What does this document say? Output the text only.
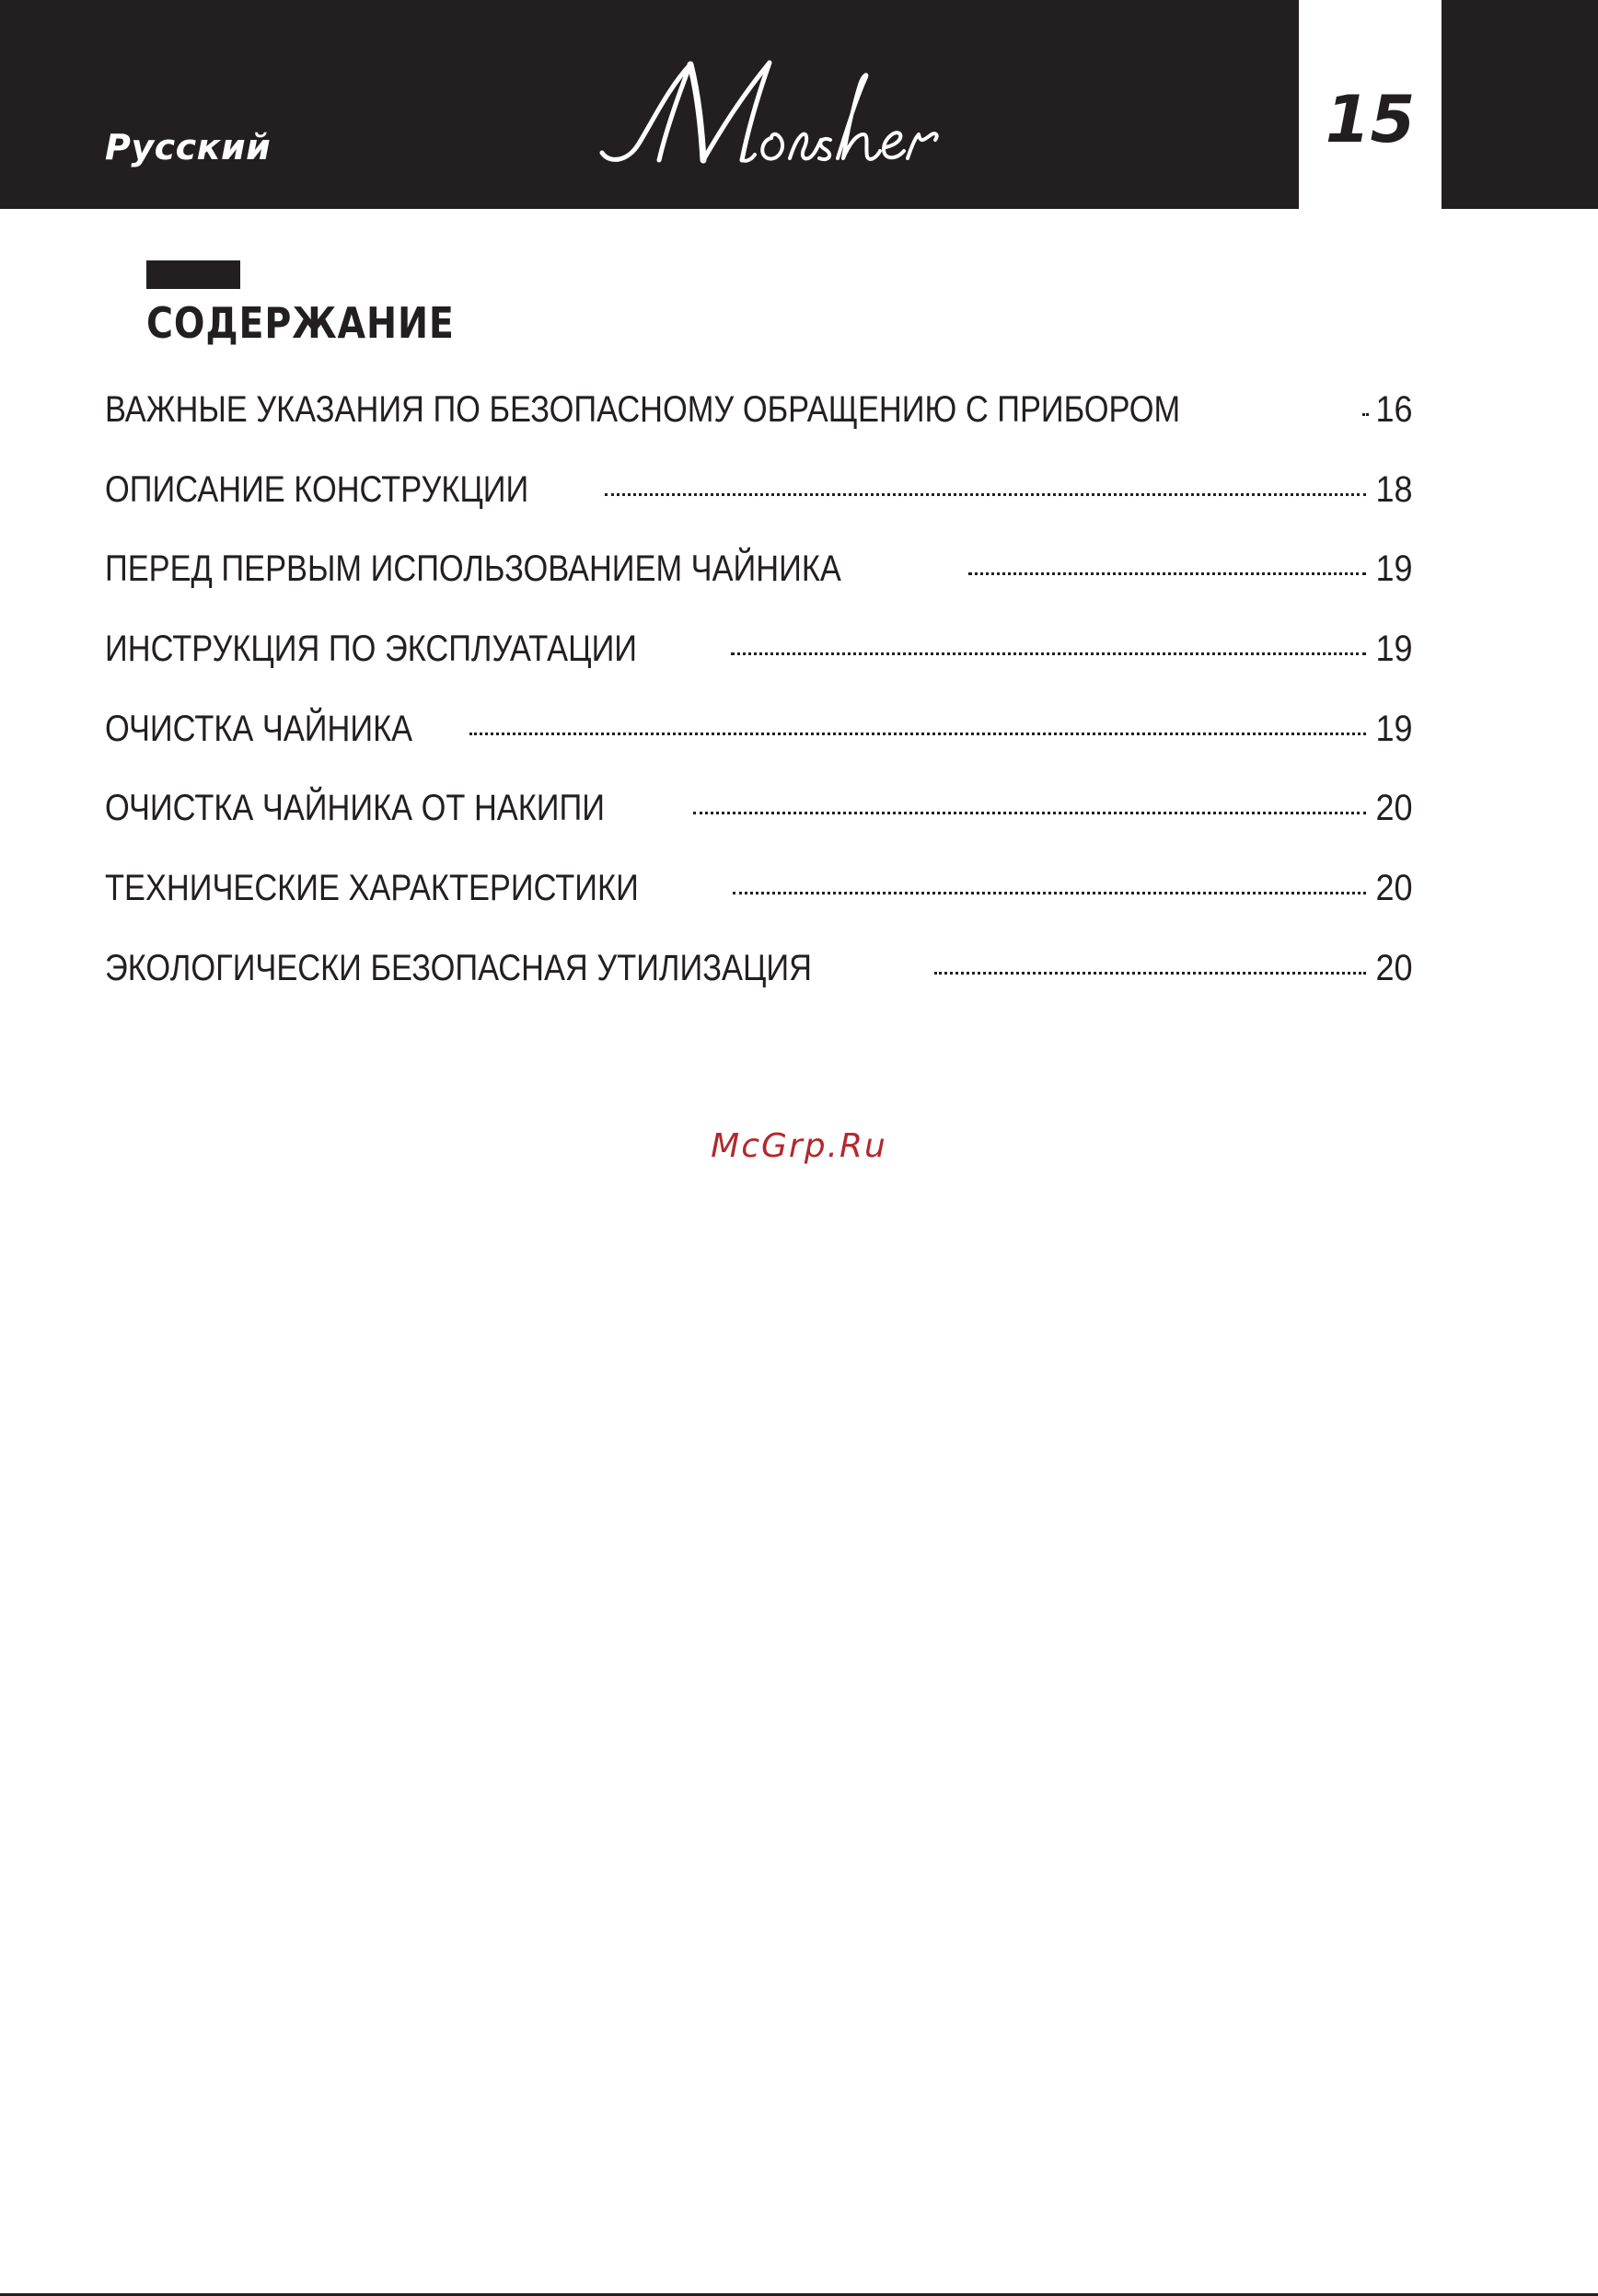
Русский
Monsher
15
СОДЕРЖАНИЕ
ВАЖНЫЕ УКАЗАНИЯ ПО БЕЗОПАСНОМУ ОБРАЩЕНИЮ С ПРИБОРОМ	16
ОПИСАНИЕ КОНСТРУКЦИИ	18
ПЕРЕД ПЕРВЫМ ИСПОЛЬЗОВАНИЕМ ЧАЙНИКА	19
ИНСТРУКЦИЯ ПО ЭКСПЛУАТАЦИИ	19
ОЧИСТКА ЧАЙНИКА	19
ОЧИСТКА ЧАЙНИКА ОТ НАКИПИ	20
ТЕХНИЧЕСКИЕ ХАРАКТЕРИСТИКИ	20
ЭКОЛОГИЧЕСКИ БЕЗОПАСНАЯ УТИЛИЗАЦИЯ	20
McGrp.Ru
